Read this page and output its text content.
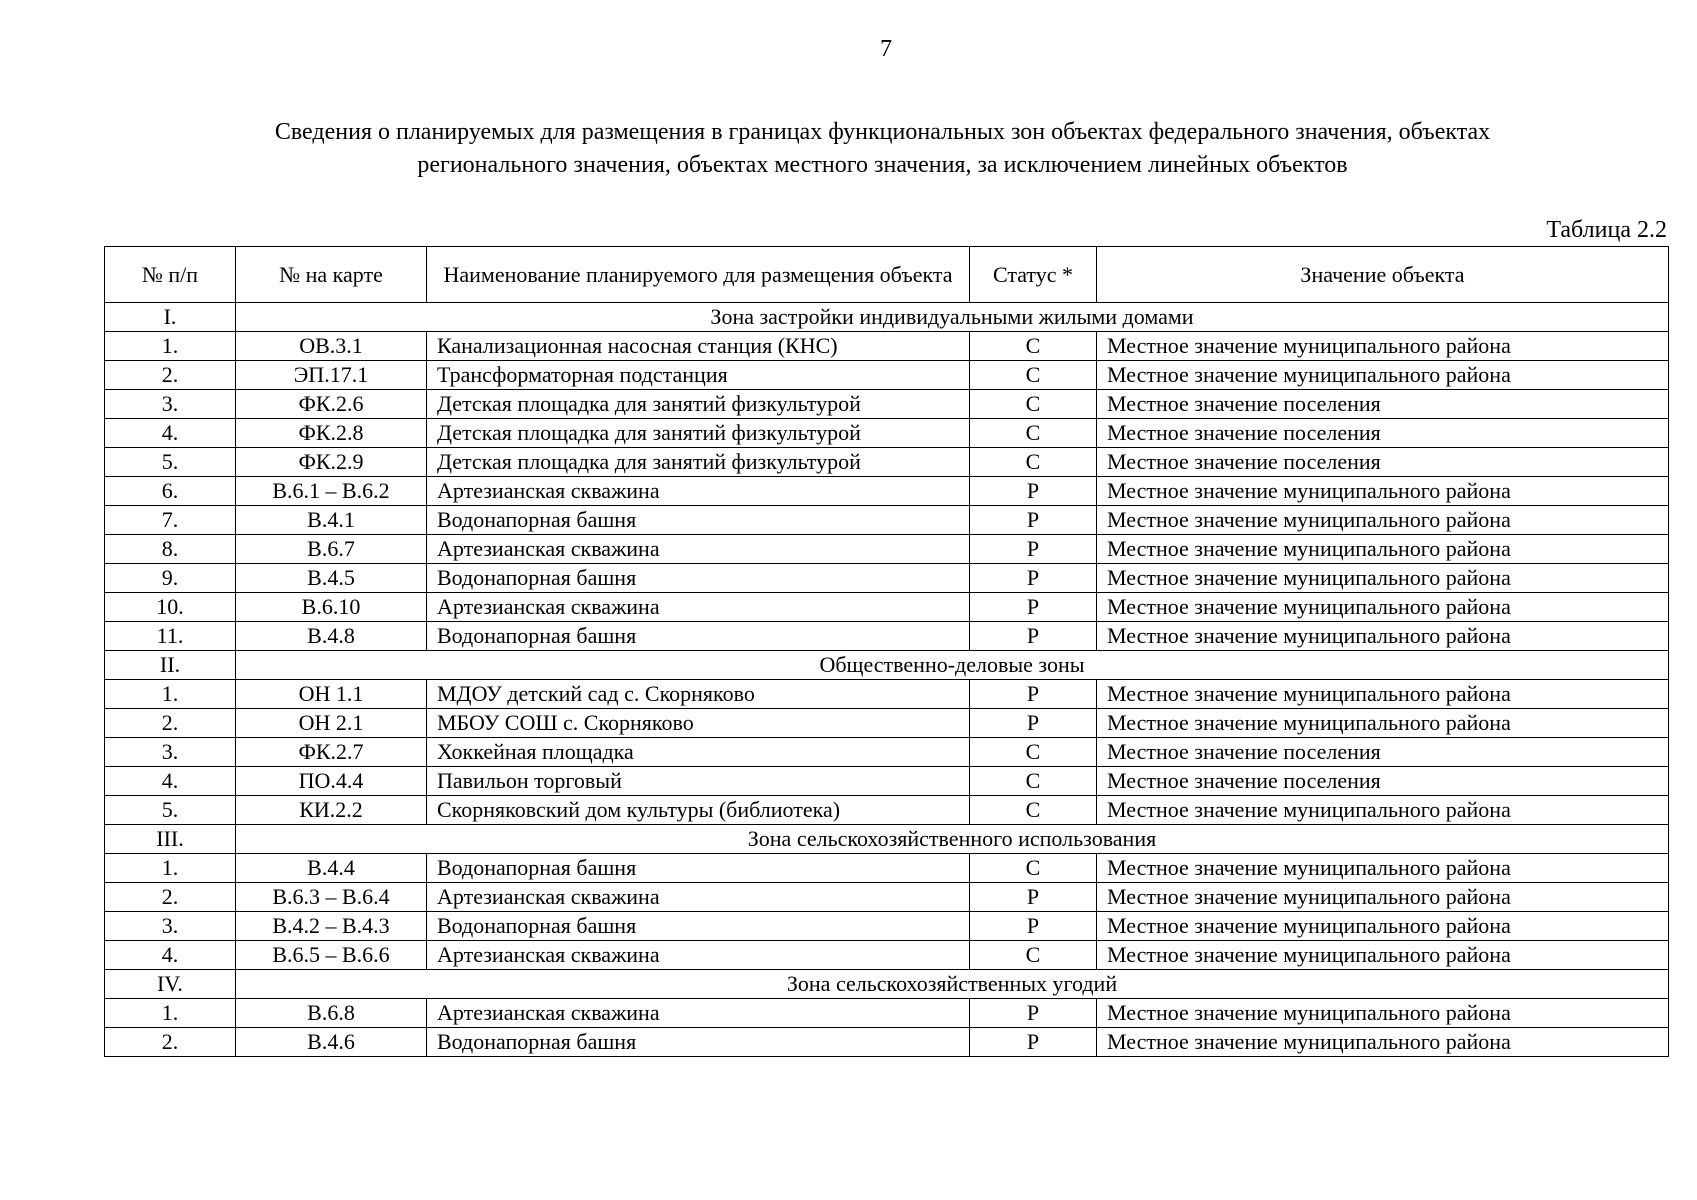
7
Сведения о планируемых для размещения в границах функциональных зон объектах федерального значения, объектах
регионального значения, объектах местного значения, за исключением линейных объектов
Таблица 2.2
№ п/п	№ на карте	Наименование планируемого для размещения объекта	Статус *	Значение объекта
I.	Зона застройки индивидуальными жилыми домами			
1.	ОВ.3.1	Канализационная насосная станция (КНС)	С	Местное значение муниципального района
2.	ЭП.17.1	Трансформаторная подстанция	С	Местное значение муниципального района
3.	ФК.2.6	Детская площадка для занятий физкультурой	С	Местное значение поселения
4.	ФК.2.8	Детская площадка для занятий физкультурой	С	Местное значение поселения
5.	ФК.2.9	Детская площадка для занятий физкультурой	С	Местное значение поселения
6.	В.6.1 – В.6.2	Артезианская скважина	Р	Местное значение муниципального района
7.	В.4.1	Водонапорная башня	Р	Местное значение муниципального района
8.	В.6.7	Артезианская скважина	Р	Местное значение муниципального района
9.	В.4.5	Водонапорная башня	Р	Местное значение муниципального района
10.	В.6.10	Артезианская скважина	Р	Местное значение муниципального района
11.	В.4.8	Водонапорная башня	Р	Местное значение муниципального района
II.	Общественно-деловые зоны			
1.	ОН 1.1	МДОУ детский сад с. Скорняково	Р	Местное значение муниципального района
2.	ОН 2.1	МБОУ СОШ с. Скорняково	Р	Местное значение муниципального района
3.	ФК.2.7	Хоккейная площадка	С	Местное значение поселения
4.	ПО.4.4	Павильон торговый	С	Местное значение поселения
5.	КИ.2.2	Скорняковский дом культуры (библиотека)	С	Местное значение муниципального района
III.	Зона сельскохозяйственного использования			
1.	В.4.4	Водонапорная башня	С	Местное значение муниципального района
2.	В.6.3 – В.6.4	Артезианская скважина	Р	Местное значение муниципального района
3.	В.4.2 – В.4.3	Водонапорная башня	Р	Местное значение муниципального района
4.	В.6.5 – В.6.6	Артезианская скважина	С	Местное значение муниципального района
IV.	Зона сельскохозяйственных угодий			
1.	В.6.8	Артезианская скважина	Р	Местное значение муниципального района
2.	В.4.6	Водонапорная башня	Р	Местное значение муниципального района
